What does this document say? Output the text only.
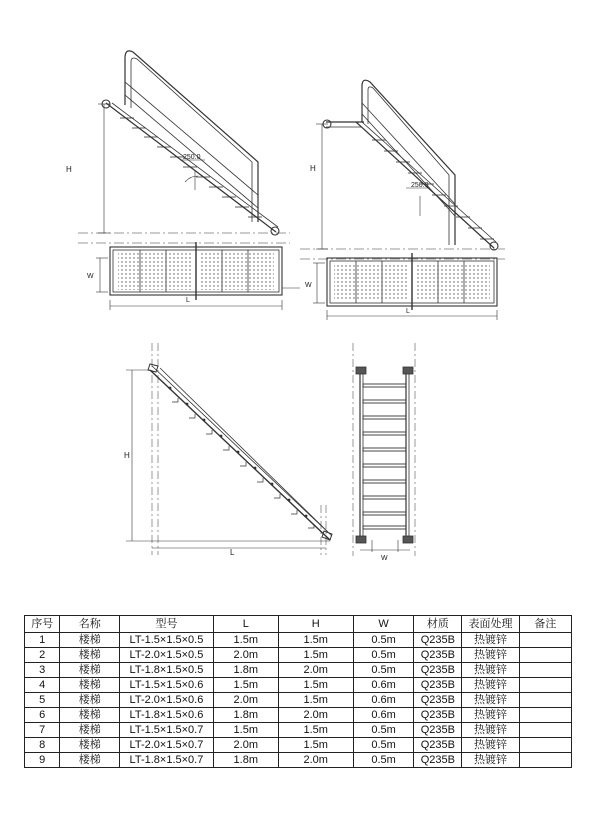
H
250.0
W
L
H
250.0
W
L
H
L
W
序号	名称	型号	L	H	W	材质	表面处理	备注
1	楼梯	LT-1.5×1.5×0.5	1.5m	1.5m	0.5m	Q235B	热镀锌	
2	楼梯	LT-2.0×1.5×0.5	2.0m	1.5m	0.5m	Q235B	热镀锌	
3	楼梯	LT-1.8×1.5×0.5	1.8m	2.0m	0.5m	Q235B	热镀锌	
4	楼梯	LT-1.5×1.5×0.6	1.5m	1.5m	0.6m	Q235B	热镀锌	
5	楼梯	LT-2.0×1.5×0.6	2.0m	1.5m	0.6m	Q235B	热镀锌	
6	楼梯	LT-1.8×1.5×0.6	1.8m	2.0m	0.6m	Q235B	热镀锌	
7	楼梯	LT-1.5×1.5×0.7	1.5m	1.5m	0.5m	Q235B	热镀锌	
8	楼梯	LT-2.0×1.5×0.7	2.0m	1.5m	0.5m	Q235B	热镀锌	
9	楼梯	LT-1.8×1.5×0.7	1.8m	2.0m	0.5m	Q235B	热镀锌	
